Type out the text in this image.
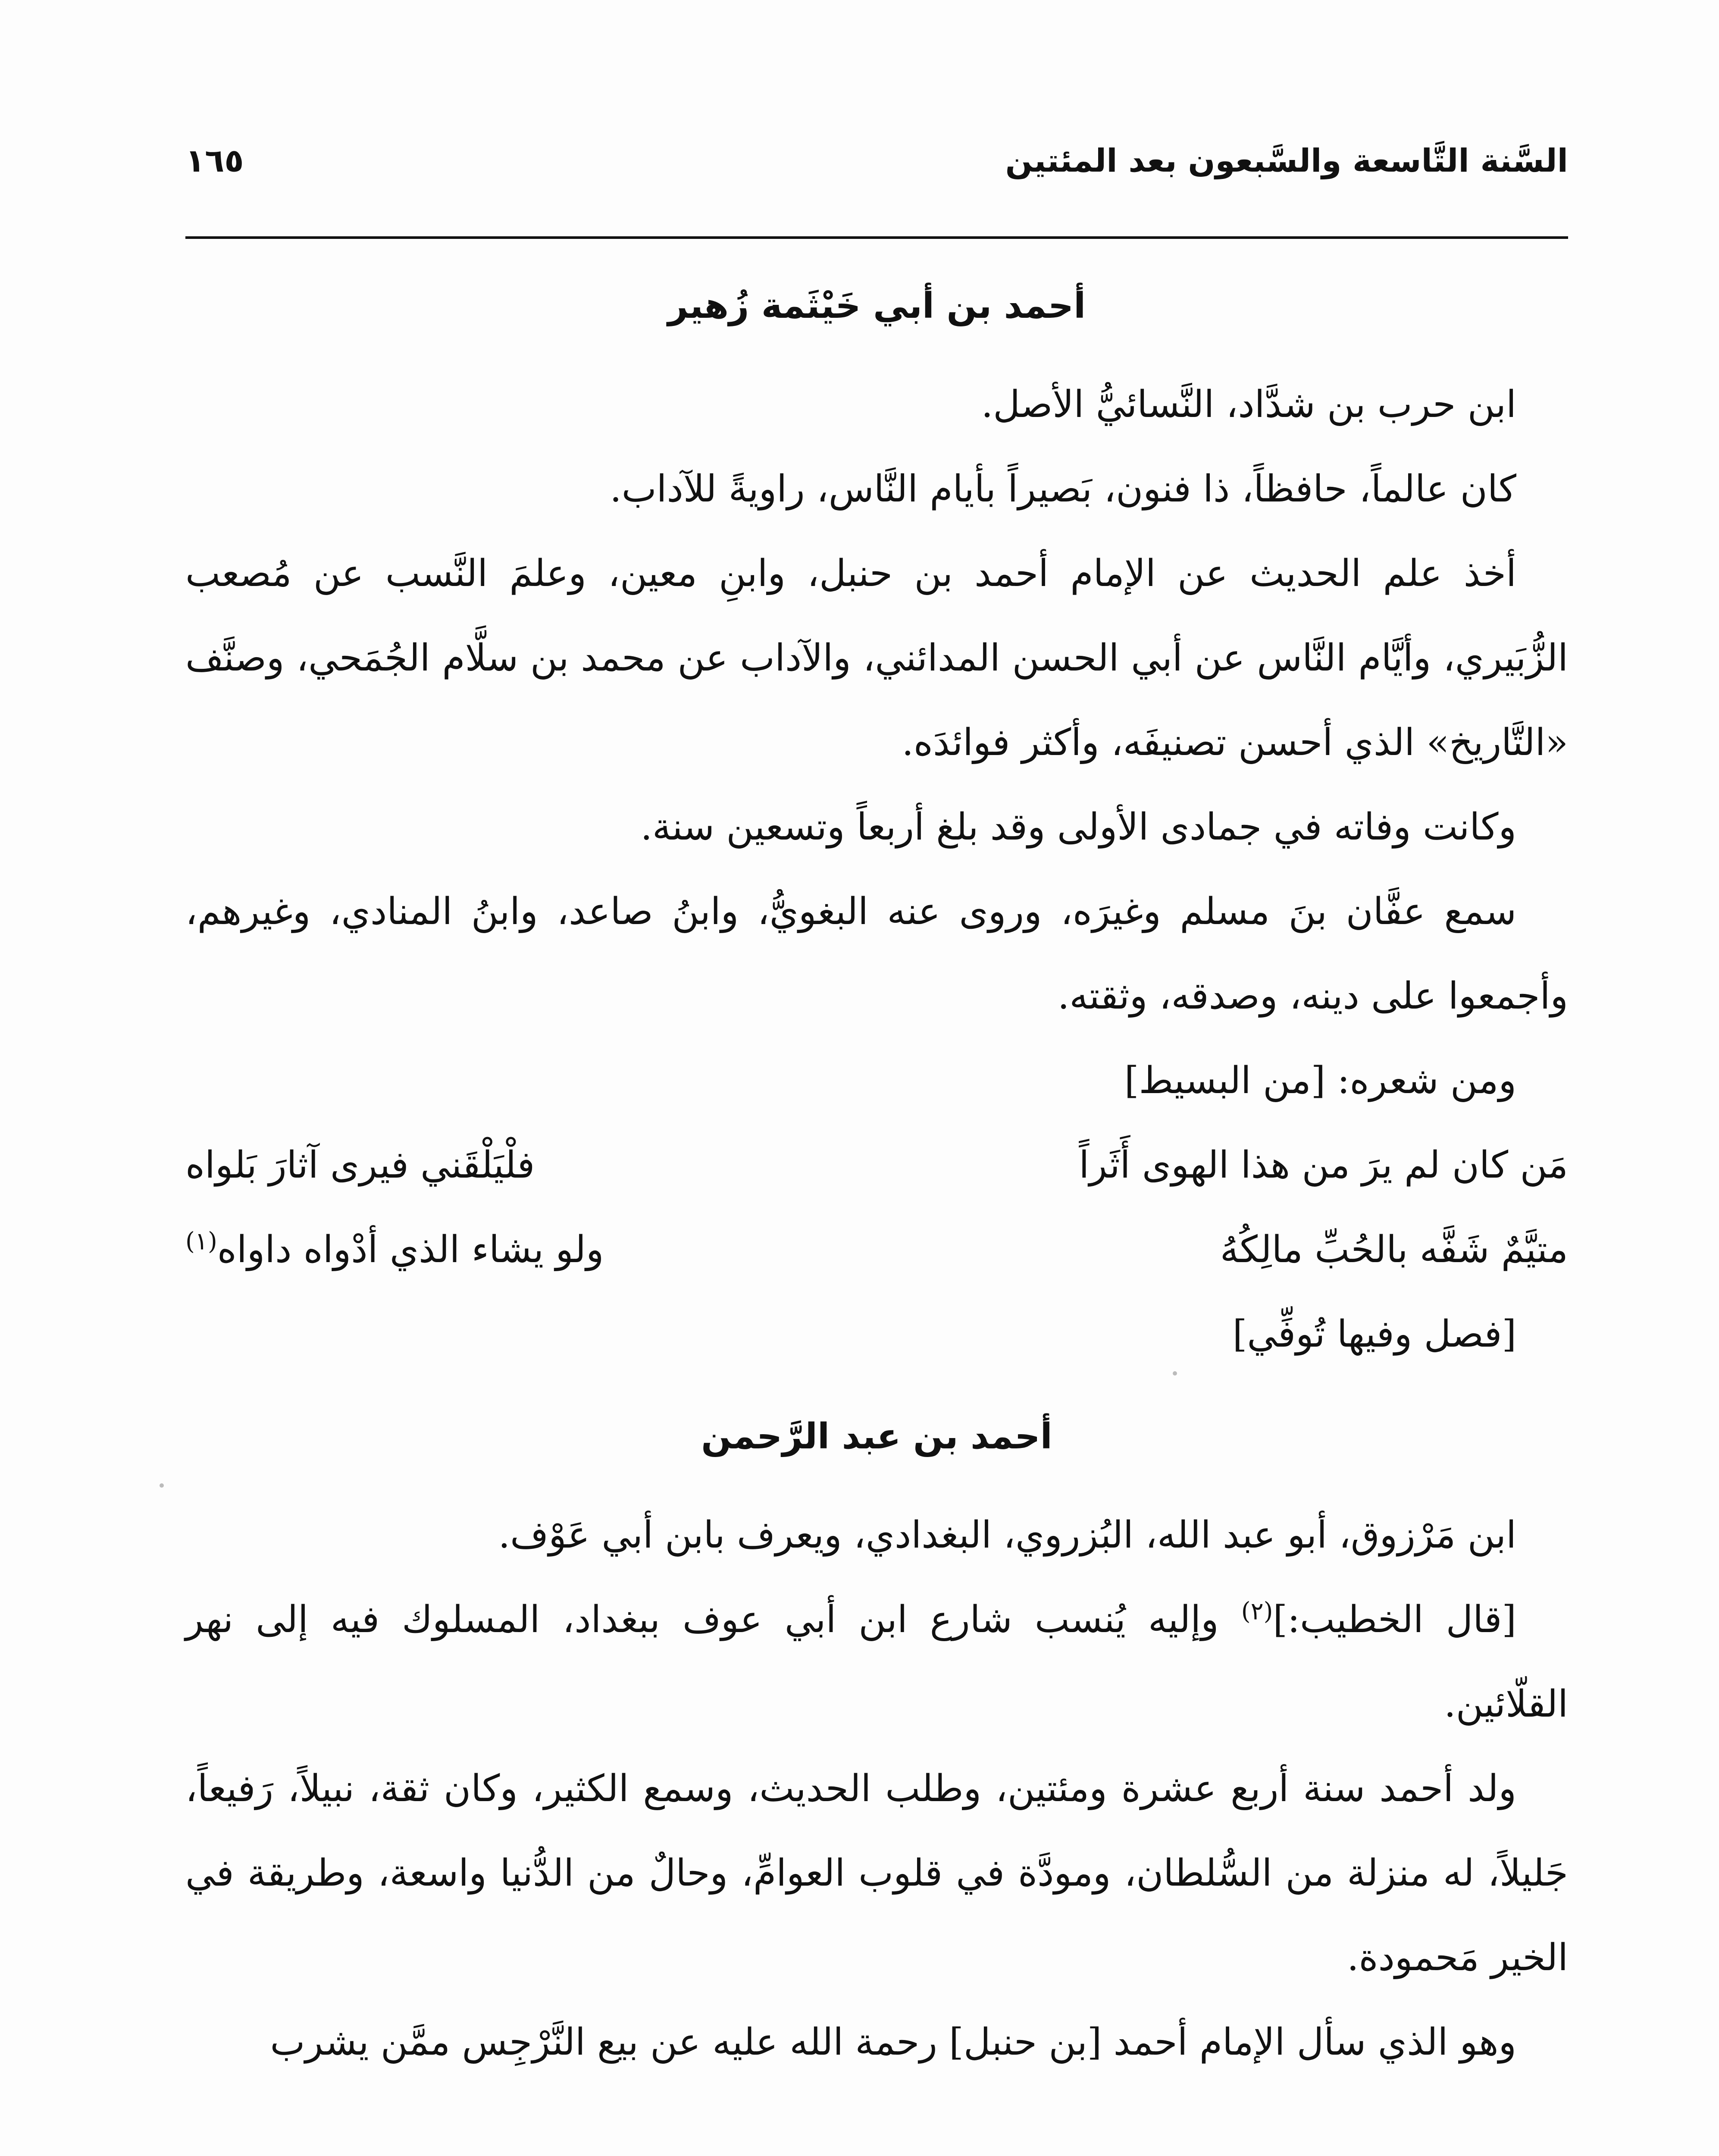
السَّنة التَّاسعة والسَّبعون بعد المئتين
١٦٥
أحمد بن أبي خَيْثَمة زُهير

ابن حرب بن شدَّاد، النَّسائيُّ الأصل.

كان عالماً، حافظاً، ذا فنون، بَصيراً بأيام النَّاس، راويةً للآداب.

أخذ علم الحديث عن الإمام أحمد بن حنبل، وابنِ معين، وعلمَ النَّسب عن مُصعب الزُّبَيري، وأيَّام النَّاس عن أبي الحسن المدائني، والآداب عن محمد بن سلَّام الجُمَحي، وصنَّف «التَّاريخ» الذي أحسن تصنيفَه، وأكثر فوائدَه.

وكانت وفاته في جمادى الأولى وقد بلغ أربعاً وتسعين سنة.

سمع عفَّان بنَ مسلم وغيرَه، وروى عنه البغويُّ، وابنُ صاعد، وابنُ المنادي، وغيرهم، وأجمعوا على دينه، وصدقه، وثقته.

ومن شعره: [من البسيط]

مَن كان لم يرَ من هذا الهوى أَثَراً
فلْيَلْقَني فيرى آثارَ بَلواه
متيَّمٌ شَفَّه بالحُبِّ مالِكُهُ
ولو يشاء الذي أدْواه داواه$^{(١)}$

[فصل وفيها تُوفِّي]

أحمد بن عبد الرَّحمن

ابن مَرْزوق، أبو عبد الله، البُزروي، البغدادي، ويعرف بابن أبي عَوْف.

[قال الخطيب:]$^{(٢)}$ وإليه يُنسب شارع ابن أبي عوف ببغداد، المسلوك فيه إلى نهر القلّائين.

ولد أحمد سنة أربع عشرة ومئتين، وطلب الحديث، وسمع الكثير، وكان ثقة، نبيلاً، رَفيعاً، جَليلاً، له منزلة من السُّلطان، ومودَّة في قلوب العوامِّ، وحالٌ من الدُّنيا واسعة، وطريقة في الخير مَحمودة.

وهو الذي سأل الإمام أحمد [بن حنبل] رحمة الله عليه عن بيع النَّرْجِس ممَّن يشرب
